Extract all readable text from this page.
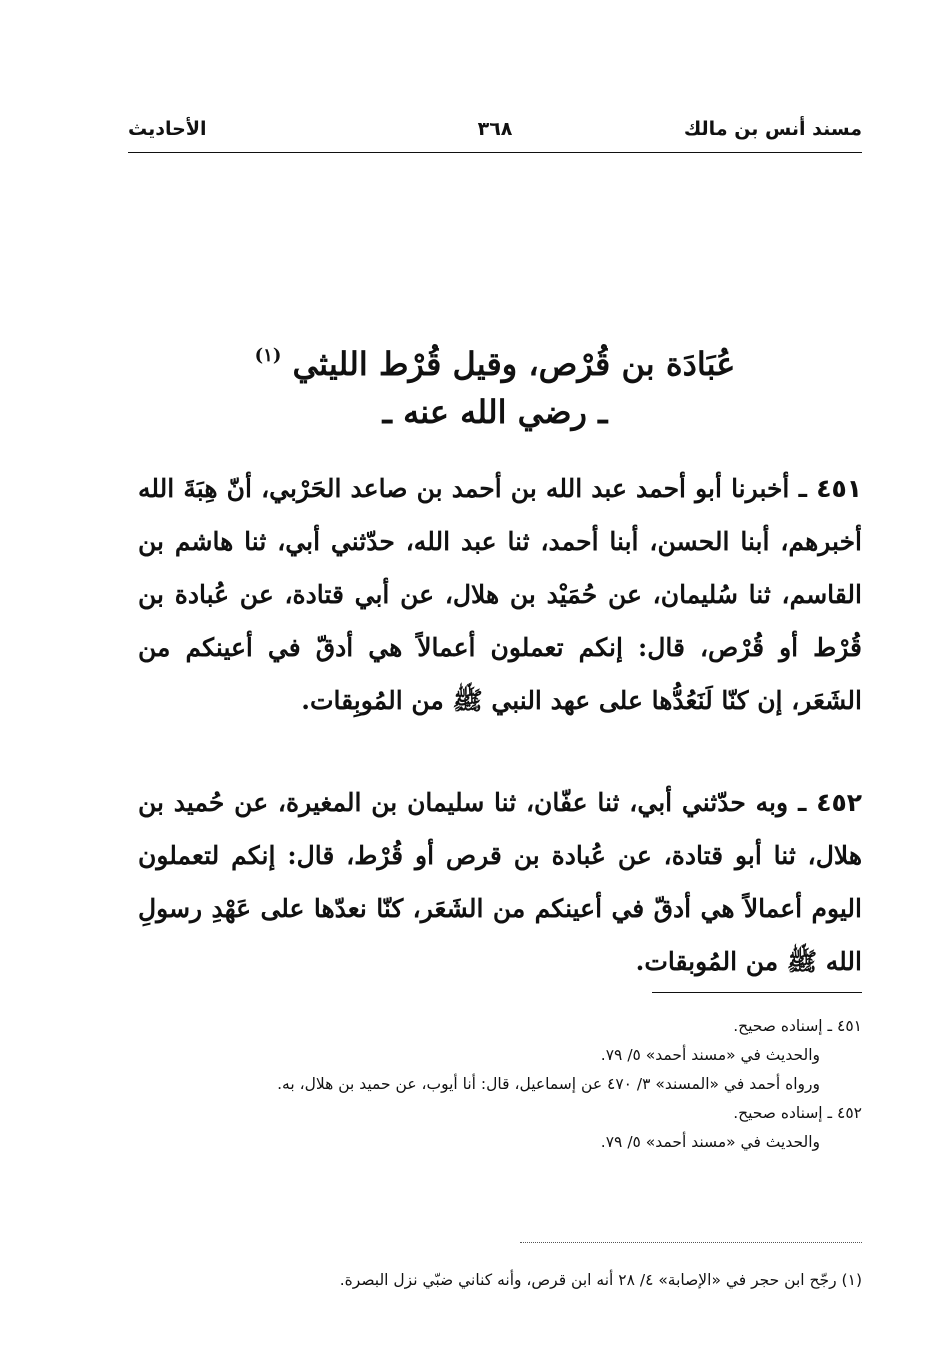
مسند أنس بن مالك
٣٦٨
الأحاديث
عُبَادَة بن قُرْص، وقيل قُرْط الليثي $^{(١)}$
ـ رضي الله عنه ـ

٤٥١ ـ أخبرنا أبو أحمد عبد الله بن أحمد بن صاعد الحَرْبي، أنّ هِبَةَ الله أخبرهم، أبنا الحسن، أبنا أحمد، ثنا عبد الله، حدّثني أبي، ثنا هاشم بن القاسم، ثنا سُليمان، عن حُمَيْد بن هلال، عن أبي قتادة، عن عُبادة بن قُرْط أو قُرْص، قال: إنكم تعملون أعمالاً هي أدقّ في أعينكم من الشَعَر، إن كنّا لَنَعُدُّها على عهد النبي ﷺ من المُوبِقات.

٤٥٢ ـ وبه حدّثني أبي، ثنا عفّان، ثنا سليمان بن المغيرة، عن حُميد بن هلال، ثنا أبو قتادة، عن عُبادة بن قرص أو قُرْط، قال: إنكم لتعملون اليوم أعمالاً هي أدقّ في أعينكم من الشَعَر، كنّا نعدّها على عَهْدِ رسولِ الله ﷺ من المُوبقات.

٤٥١ ـ إسناده صحيح.
والحديث في «مسند أحمد» ٥/ ٧٩.
ورواه أحمد في «المسند» ٣/ ٤٧٠ عن إسماعيل، قال: أنا أيوب، عن حميد بن هلال، به.
٤٥٢ ـ إسناده صحيح.
والحديث في «مسند أحمد» ٥/ ٧٩.
(١) رجّح ابن حجر في «الإصابة» ٤/ ٢٨ أنه ابن قرص، وأنه كناني ضبّي نزل البصرة.
